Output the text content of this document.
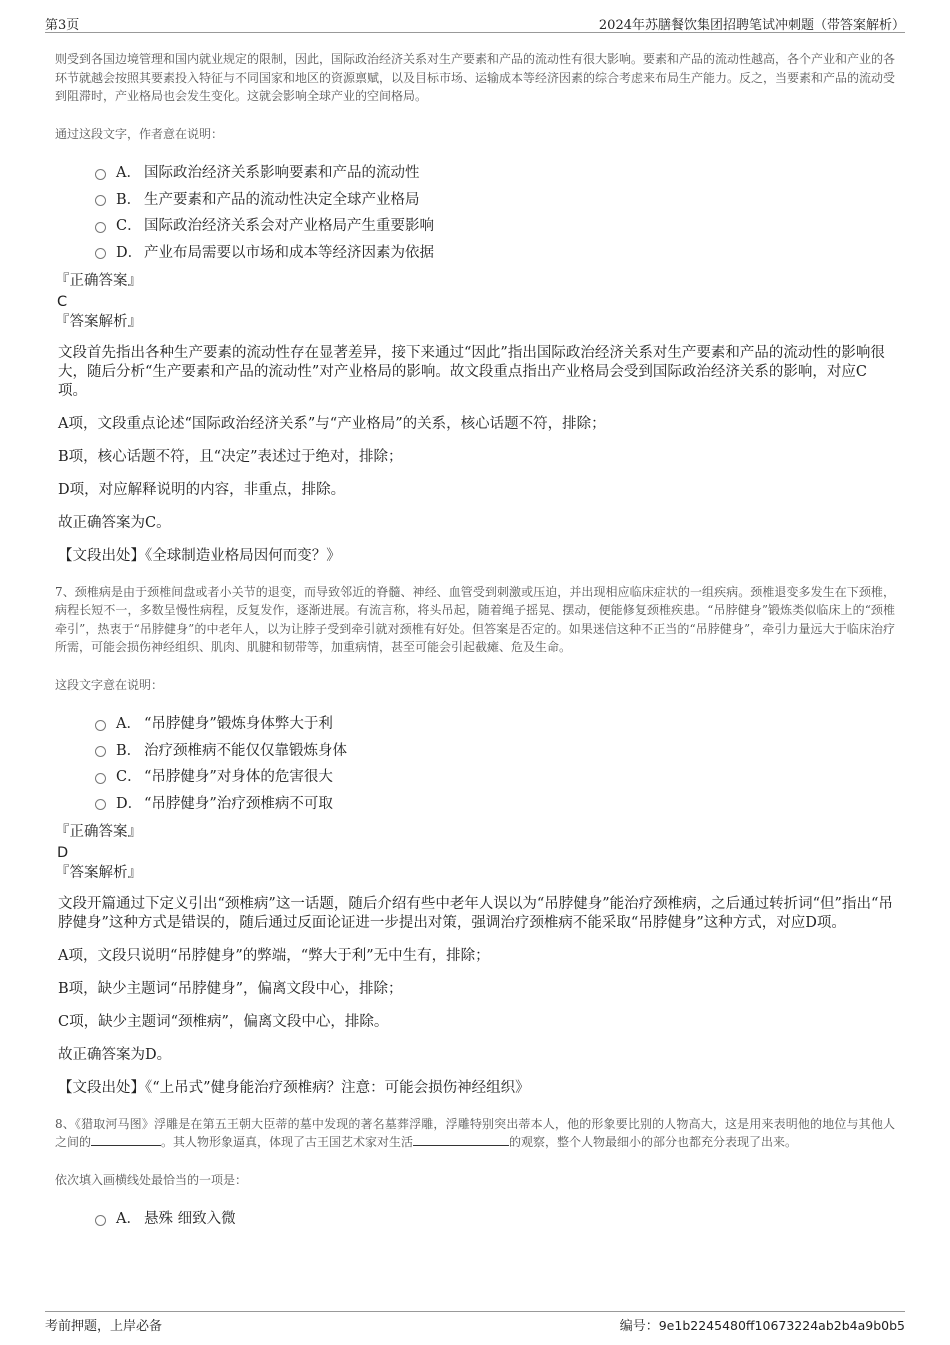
第3页	2024年苏膳餐饮集团招聘笔试冲刺题（带答案解析）

则受到各国边境管理和国内就业规定的限制，因此，国际政治经济关系对生产要素和产品的流动性有很大影响。要素和产品的流动性越高，各个产业和产业的各环节就越会按照其要素投入特征与不同国家和地区的资源禀赋，以及目标市场、运输成本等经济因素的综合考虑来布局生产能力。反之，当要素和产品的流动受到阻滞时，产业格局也会发生变化。这就会影响全球产业的空间格局。

通过这段文字，作者意在说明：

A． 国际政治经济关系影响要素和产品的流动性
B． 生产要素和产品的流动性决定全球产业格局
C． 国际政治经济关系会对产业格局产生重要影响
D． 产业布局需要以市场和成本等经济因素为依据

『正确答案』

C

『答案解析』

文段首先指出各种生产要素的流动性存在显著差异，接下来通过“因此”指出国际政治经济关系对生产要素和产品的流动性的影响很大，随后分析“生产要素和产品的流动性”对产业格局的影响。故文段重点指出产业格局会受到国际政治经济关系的影响，对应C项。

A项，文段重点论述“国际政治经济关系”与“产业格局”的关系，核心话题不符，排除；

B项，核心话题不符，且“决定”表述过于绝对，排除；

D项，对应解释说明的内容，非重点，排除。

故正确答案为C。

【文段出处】《全球制造业格局因何而变？》

7、颈椎病是由于颈椎间盘或者小关节的退变，而导致邻近的脊髓、神经、血管受到刺激或压迫，并出现相应临床症状的一组疾病。颈椎退变多发生在下颈椎，病程长短不一，多数呈慢性病程，反复发作，逐渐进展。有流言称，将头吊起，随着绳子摇晃、摆动，便能修复颈椎疾患。“吊脖健身”锻炼类似临床上的“颈椎牵引”，热衷于“吊脖健身”的中老年人，以为让脖子受到牵引就对颈椎有好处。但答案是否定的。如果迷信这种不正当的“吊脖健身”，牵引力量远大于临床治疗所需，可能会损伤神经组织、肌肉、肌腱和韧带等，加重病情，甚至可能会引起截瘫、危及生命。

这段文字意在说明：

A． “吊脖健身”锻炼身体弊大于利
B． 治疗颈椎病不能仅仅靠锻炼身体
C． “吊脖健身”对身体的危害很大
D． “吊脖健身”治疗颈椎病不可取

『正确答案』

D

『答案解析』

文段开篇通过下定义引出“颈椎病”这一话题，随后介绍有些中老年人误以为“吊脖健身”能治疗颈椎病，之后通过转折词“但”指出“吊脖健身”这种方式是错误的，随后通过反面论证进一步提出对策，强调治疗颈椎病不能采取“吊脖健身”这种方式，对应D项。

A项，文段只说明“吊脖健身”的弊端，“弊大于利”无中生有，排除；

B项，缺少主题词“吊脖健身”，偏离文段中心，排除；

C项，缺少主题词“颈椎病”，偏离文段中心，排除。

故正确答案为D。

【文段出处】《“上吊式”健身能治疗颈椎病？注意：可能会损伤神经组织》

8、《猎取河马图》浮雕是在第五王朝大臣蒂的墓中发现的著名墓葬浮雕，浮雕特别突出蒂本人，他的形象要比别的人物高大，这是用来表明他的地位与其他人之间的	。其人物形象逼真，体现了古王国艺术家对生活	的观察，整个人物最细小的部分也都充分表现了出来。

依次填入画横线处最恰当的一项是：

A． 悬殊 细致入微
考前押题，上岸必备	编号：9e1b2245480ff10673224ab2b4a9b0b5
